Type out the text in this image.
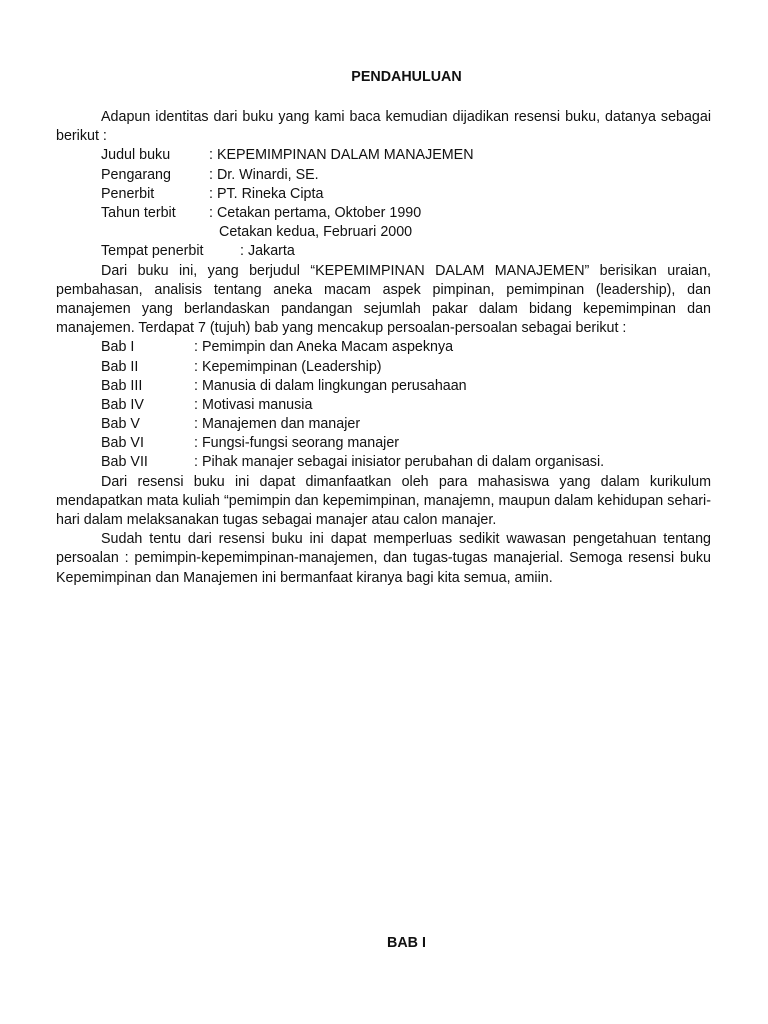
PENDAHULUAN

Adapun identitas dari buku yang kami baca kemudian dijadikan resensi buku, datanya sebagai berikut :

Judul buku	: KEPEMIMPINAN DALAM MANAJEMEN
Pengarang	: Dr. Winardi, SE.
Penerbit	: PT. Rineka Cipta
Tahun terbit : Cetakan pertama, Oktober 1990
Cetakan kedua, Februari 2000
Tempat penerbit	: Jakarta

Dari buku ini, yang berjudul “KEPEMIMPINAN DALAM MANAJEMEN” berisikan uraian, pembahasan, analisis tentang aneka macam aspek pimpinan, pemimpinan (leadership), dan manajemen yang berlandaskan pandangan sejumlah pakar dalam bidang kepemimpinan dan manajemen. Terdapat 7 (tujuh) bab yang mencakup persoalan-persoalan sebagai berikut :

Bab I	: Pemimpin dan Aneka Macam aspeknya
Bab II	: Kepemimpinan (Leadership)
Bab III	: Manusia di dalam lingkungan perusahaan
Bab IV	: Motivasi manusia
Bab V	: Manajemen dan manajer
Bab VI	: Fungsi-fungsi seorang manajer
Bab VII	: Pihak manajer sebagai inisiator perubahan di dalam organisasi.

Dari resensi buku ini dapat dimanfaatkan oleh para mahasiswa yang dalam kurikulum mendapatkan mata kuliah “pemimpin dan kepemimpinan, manajemn, maupun dalam kehidupan sehari-hari dalam melaksanakan tugas sebagai manajer atau calon manajer.

Sudah tentu dari resensi buku ini dapat memperluas sedikit wawasan pengetahuan tentang persoalan : pemimpin-kepemimpinan-manajemen, dan tugas-tugas manajerial. Semoga resensi buku Kepemimpinan dan Manajemen ini bermanfaat kiranya bagi kita semua, amiin.

BAB I
